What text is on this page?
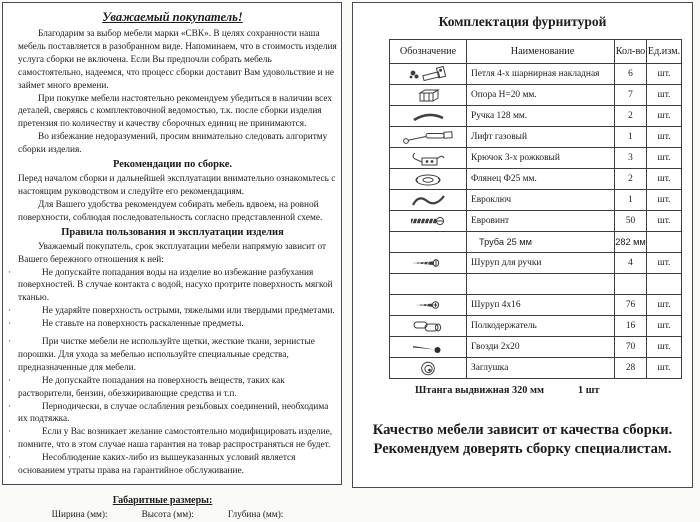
Уважаемый покупатель!

Благодарим за выбор мебели марки «СВК». В целях сохранности наша мебель поставляется в разобранном виде. Напоминаем, что в стоимость изделия услуга сборки не включена. Если Вы предпочли собрать мебель самостоятельно, надеемся, что процесс сборки доставит Вам удовольствие и не займет много времени.

При покупке мебели настоятельно рекомендуем убедиться в наличии всех деталей, сверяясь с комплектовочной ведомостью, т.к. после сборки изделия претензия по количеству и качеству сборочных единиц не принимаются.

Во избежание недоразумений, просим внимательно следовать алгоритму сборки изделия.

Рекомендации по сборке.

Перед началом сборки и дальнейшей эксплуатации внимательно ознакомьтесь с настоящим руководством и следуйте его рекомендациям.

Для Вашего удобства рекомендуем собирать мебель вдвоем, на ровной поверхности, соблюдая последовательность согласно представленной схеме.

Правила пользования и эксплуатации изделия

Уважаемый покупатель, срок эксплуатации мебели напрямую зависит от Вашего бережного отношения к ней:

· Не допускайте попадания воды на изделие во избежание разбухания поверхностей. В случае контакта с водой, насухо протрите поверхность мягкой тканью.

· Не ударяйте поверхность острыми, тяжелыми или твердыми предметами.

· Не ставьте на поверхность раскаленные предметы.

· При чистке мебели не используйте щетки, жесткие ткани, зернистые порошки. Для ухода за мебелью используйте специальные средства, предназначенные для мебели.

· Не допускайте попадания на поверхность веществ, таких как растворители, бензин, обезжиривающие средства и т.п.

· Периодически, в случае ослабления резьбовых соединений, необходима их подтяжка.

· Если у Вас возникает желание самостоятельно модифицировать изделие, помните, что в этом случае наша гарантия на товар распространяться не будет.

· Несоблюдение каких-либо из вышеуказанных условий является основанием утраты права на гарантийное обслуживание.

Габаритные размеры:
Ширина (мм):	Высота (мм):	Глубина (мм):
Комплектация фурнитурой
Обозначение	Наименование	Кол-во	Ед.изм.

	Петля 4-х шарнирная накладная	6	шт.

	Опора Н=20 мм.	7	шт.

	Ручка 128 мм.	2	шт.

	Лифт газовый	1	шт.

	Крючок 3-х рожковый	3	шт.

	Флянец Ф25 мм.	2	шт.

	Евроключ	1	шт.

	Евровинт	50	шт.
	Труба 25 мм	282 мм	

	Шуруп для ручки	4	шт.

	Шуруп 4х16	76	шт.

	Полкодержатель	16	шт.

	Гвозди 2х20	70	шт.

	Заглушка	28	шт.
Штанга выдвижная 320 мм	1 шт
Качество мебели зависит от качества сборки.
Рекомендуем доверять сборку специалистам.
